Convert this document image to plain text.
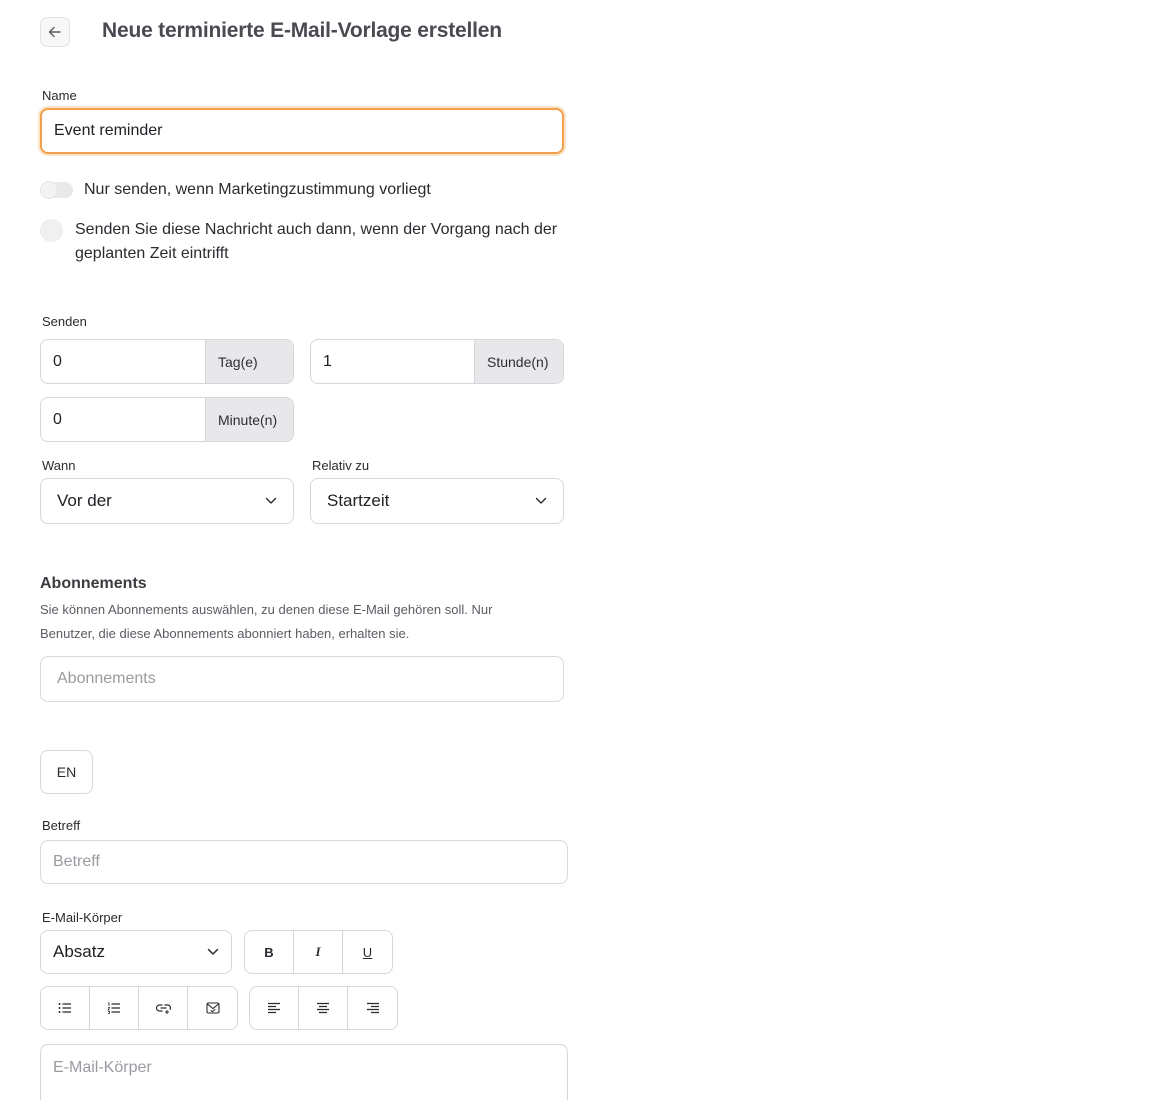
Neue terminierte E-Mail-Vorlage erstellen
Name
Event reminder
Nur senden, wenn Marketingzustimmung vorliegt
Senden Sie diese Nachricht auch dann, wenn der Vorgang nach der geplanten Zeit eintrifft
Senden
0	Tag(e)	1	Stunde(n)
0	Minute(n)
Wann
Vor der
Relativ zu
Startzeit
Abonnements
Sie können Abonnements auswählen, zu denen diese E-Mail gehören soll. Nur Benutzer, die diese Abonnements abonniert haben, erhalten sie.
Abonnements
EN
Betreff
Betreff
E-Mail-Körper
Absatz	B	I	U
E-Mail-Körper
